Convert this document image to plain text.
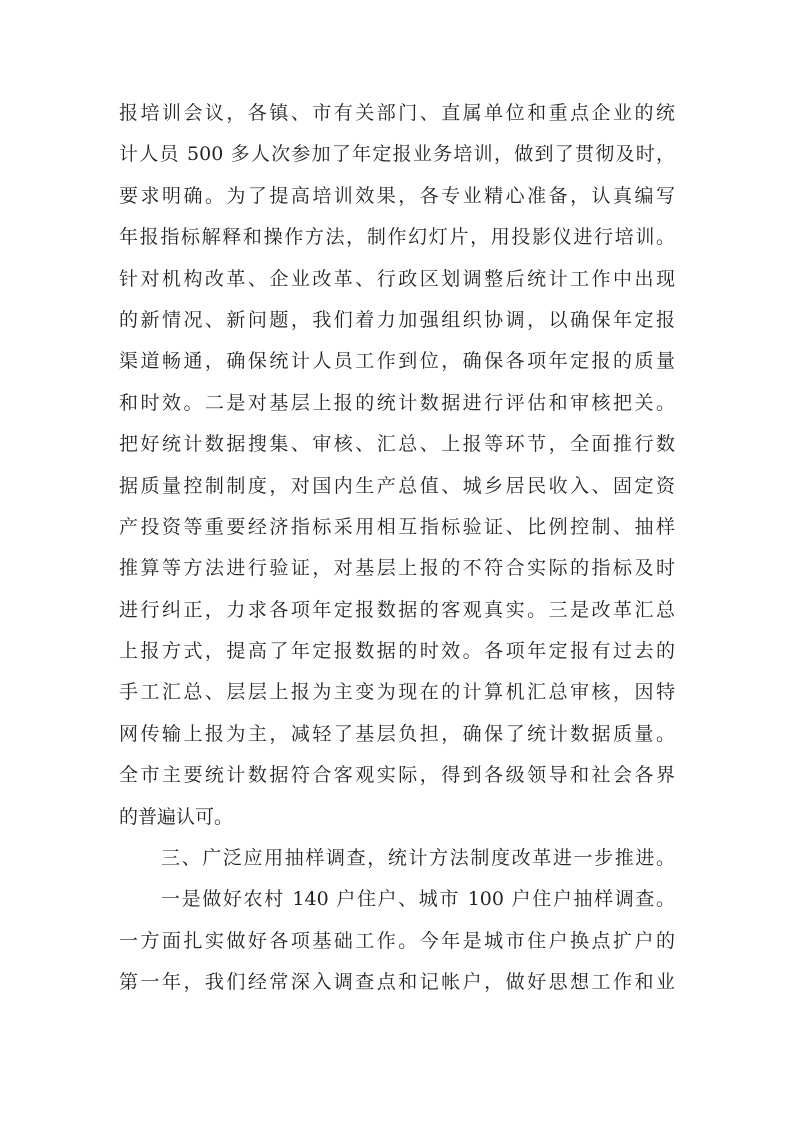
报培训会议，各镇、市有关部门、直属单位和重点企业的统
计人员 500 多人次参加了年定报业务培训，做到了贯彻及时，
要求明确。为了提高培训效果，各专业精心准备，认真编写
年报指标解释和操作方法，制作幻灯片，用投影仪进行培训。
针对机构改革、企业改革、行政区划调整后统计工作中出现
的新情况、新问题，我们着力加强组织协调，以确保年定报
渠道畅通，确保统计人员工作到位，确保各项年定报的质量
和时效。二是对基层上报的统计数据进行评估和审核把关。
把好统计数据搜集、审核、汇总、上报等环节，全面推行数
据质量控制制度，对国内生产总值、城乡居民收入、固定资
产投资等重要经济指标采用相互指标验证、比例控制、抽样
推算等方法进行验证，对基层上报的不符合实际的指标及时
进行纠正，力求各项年定报数据的客观真实。三是改革汇总
上报方式，提高了年定报数据的时效。各项年定报有过去的
手工汇总、层层上报为主变为现在的计算机汇总审核，因特
网传输上报为主，减轻了基层负担，确保了统计数据质量。
全市主要统计数据符合客观实际，得到各级领导和社会各界
的普遍认可。
三、广泛应用抽样调查，统计方法制度改革进一步推进。
一是做好农村 140 户住户、城市 100 户住户抽样调查。
一方面扎实做好各项基础工作。今年是城市住户换点扩户的
第一年，我们经常深入调查点和记帐户，做好思想工作和业
